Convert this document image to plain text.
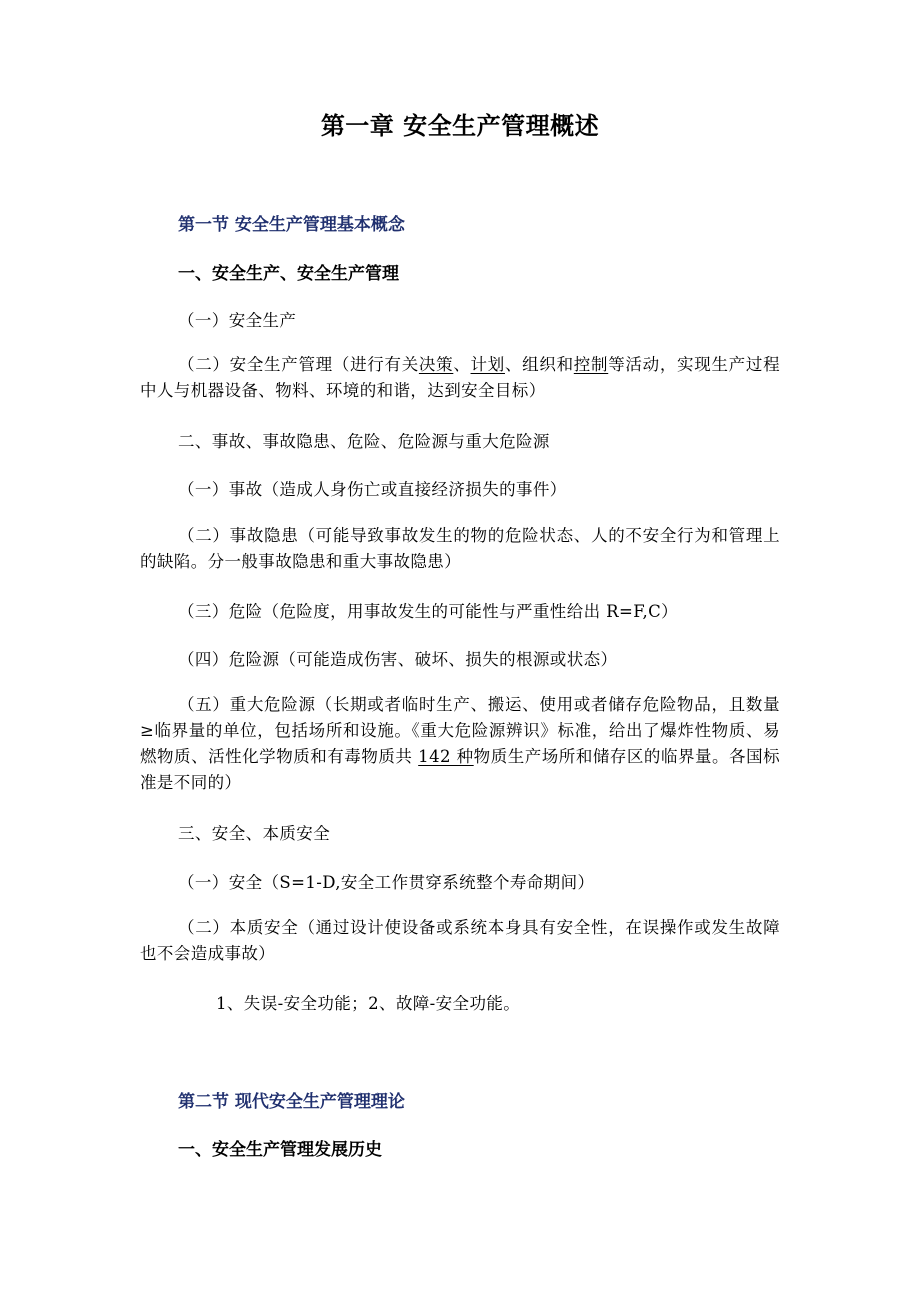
第一章 安全生产管理概述
第一节 安全生产管理基本概念
一、安全生产、安全生产管理
（一）安全生产
（二）安全生产管理（进行有关决策、计划、组织和控制等活动，实现生产过程中人与机器设备、物料、环境的和谐，达到安全目标）
二、事故、事故隐患、危险、危险源与重大危险源
（一）事故（造成人身伤亡或直接经济损失的事件）
（二）事故隐患（可能导致事故发生的物的危险状态、人的不安全行为和管理上的缺陷。分一般事故隐患和重大事故隐患）
（三）危险（危险度，用事故发生的可能性与严重性给出 R=F,C）
（四）危险源（可能造成伤害、破坏、损失的根源或状态）
（五）重大危险源（长期或者临时生产、搬运、使用或者储存危险物品，且数量≥临界量的单位，包括场所和设施。《重大危险源辨识》标准，给出了爆炸性物质、易燃物质、活性化学物质和有毒物质共 142 种物质生产场所和储存区的临界量。各国标准是不同的）
三、安全、本质安全
（一）安全（S=1-D,安全工作贯穿系统整个寿命期间）
（二）本质安全（通过设计使设备或系统本身具有安全性，在误操作或发生故障也不会造成事故）
1、失误-安全功能；2、故障-安全功能。
第二节 现代安全生产管理理论
一、安全生产管理发展历史
